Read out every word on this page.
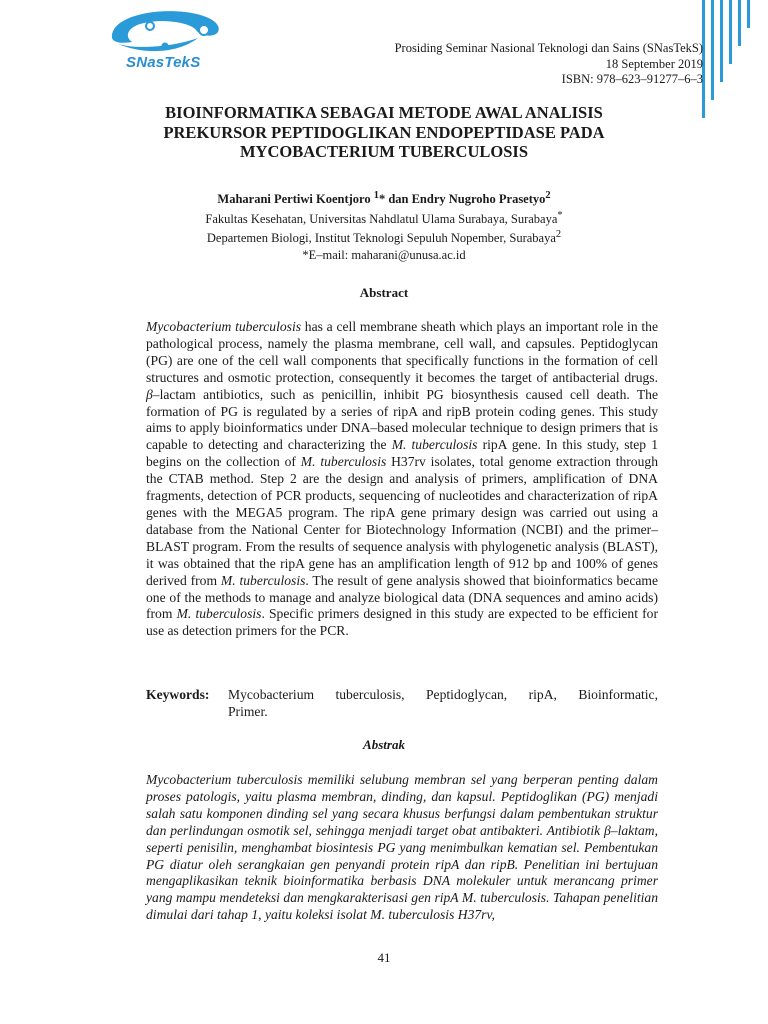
SNasTekS
Prosiding Seminar Nasional Teknologi dan Sains (SNasTekS)
18 September 2019
ISBN: 978–623–91277–6–3
BIOINFORMATIKA SEBAGAI METODE AWAL ANALISIS
PREKURSOR PEPTIDOGLIKAN ENDOPEPTIDASE PADA
MYCOBACTERIUM TUBERCULOSIS
Maharani Pertiwi Koentjoro $^1$* dan Endry Nugroho Prasetyo$^2$
Fakultas Kesehatan, Universitas Nahdlatul Ulama Surabaya, Surabaya*
Departemen Biologi, Institut Teknologi Sepuluh Nopember, Surabaya$^2$
*E–mail: maharani@unusa.ac.id
Abstract

Mycobacterium tuberculosis has a cell membrane sheath which plays an important role in the pathological process, namely the plasma membrane, cell wall, and capsules. Peptidoglycan (PG) are one of the cell wall components that specifically functions in the formation of cell structures and osmotic protection, consequently it becomes the target of antibacterial drugs. β–lactam antibiotics, such as penicillin, inhibit PG biosynthesis caused cell death. The formation of PG is regulated by a series of ripA and ripB protein coding genes. This study aims to apply bioinformatics under DNA–based molecular technique to design primers that is capable to detecting and characterizing the M. tuberculosis ripA gene. In this study, step 1 begins on the collection of M. tuberculosis H37rv isolates, total genome extraction through the CTAB method. Step 2 are the design and analysis of primers, amplification of DNA fragments, detection of PCR products, sequencing of nucleotides and characterization of ripA genes with the MEGA5 program. The ripA gene primary design was carried out using a database from the National Center for Biotechnology Information (NCBI) and the primer–BLAST program. From the results of sequence analysis with phylogenetic analysis (BLAST), it was obtained that the ripA gene has an amplification length of 912 bp and 100% of genes derived from M. tuberculosis. The result of gene analysis showed that bioinformatics became one of the methods to manage and analyze biological data (DNA sequences and amino acids) from M. tuberculosis. Specific primers designed in this study are expected to be efficient for use as detection primers for the PCR.

Keywords: Mycobacterium tuberculosis, Peptidoglycan, ripA, Bioinformatic,
Primer.
Abstrak

Mycobacterium tuberculosis memiliki selubung membran sel yang berperan penting dalam proses patologis, yaitu plasma membran, dinding, dan kapsul. Peptidoglikan (PG) menjadi salah satu komponen dinding sel yang secara khusus berfungsi dalam pembentukan struktur dan perlindungan osmotik sel, sehingga menjadi target obat antibakteri. Antibiotik β–laktam, seperti penisilin, menghambat biosintesis PG yang menimbulkan kematian sel. Pembentukan PG diatur oleh serangkaian gen penyandi protein ripA dan ripB. Penelitian ini bertujuan mengaplikasikan teknik bioinformatika berbasis DNA molekuler untuk merancang primer yang mampu mendeteksi dan mengkarakterisasi gen ripA M. tuberculosis. Tahapan penelitian dimulai dari tahap 1, yaitu koleksi isolat M. tuberculosis H37rv,

41
